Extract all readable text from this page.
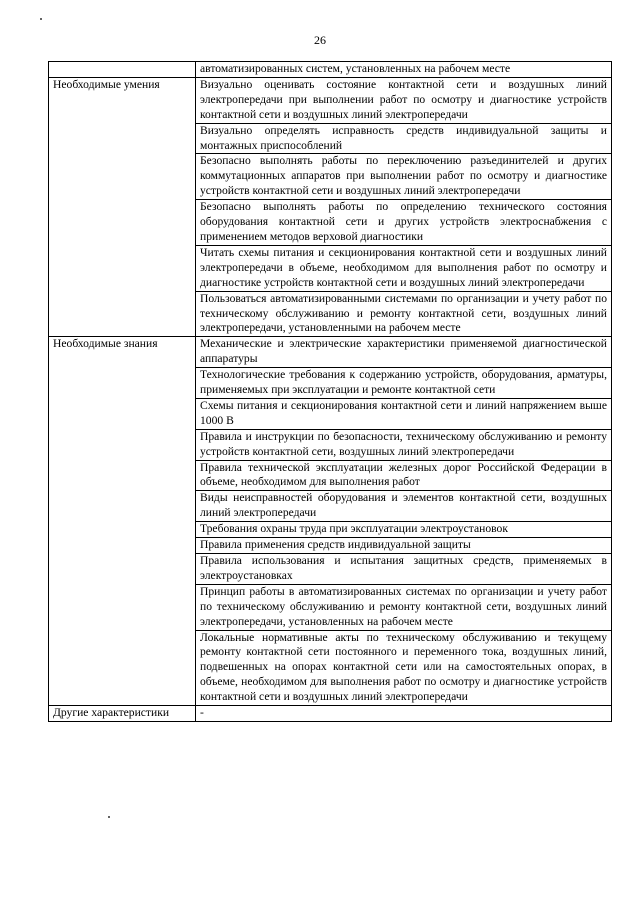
26
	автоматизированных систем, установленных на рабочем месте
Необходимые умения	Визуально оценивать состояние контактной сети и воздушных линий электропередачи при выполнении работ по осмотру и диагностике устройств контактной сети и воздушных линий электропередачи
	Визуально определять исправность средств индивидуальной защиты и монтажных приспособлений
	Безопасно выполнять работы по переключению разъединителей и других коммутационных аппаратов при выполнении работ по осмотру и диагностике устройств контактной сети и воздушных линий электропередачи
	Безопасно выполнять работы по определению технического состояния оборудования контактной сети и других устройств электроснабжения с применением методов верховой диагностики
	Читать схемы питания и секционирования контактной сети и воздушных линий электропередачи в объеме, необходимом для выполнения работ по осмотру и диагностике устройств контактной сети и воздушных линий электропередачи
	Пользоваться автоматизированными системами по организации и учету работ по техническому обслуживанию и ремонту контактной сети, воздушных линий электропередачи, установленными на рабочем месте
Необходимые знания	Механические и электрические характеристики применяемой диагностической аппаратуры
	Технологические требования к содержанию устройств, оборудования, арматуры, применяемых при эксплуатации и ремонте контактной сети
	Схемы питания и секционирования контактной сети и линий напряжением выше 1000 В
	Правила и инструкции по безопасности, техническому обслуживанию и ремонту устройств контактной сети, воздушных линий электропередачи
	Правила технической эксплуатации железных дорог Российской Федерации в объеме, необходимом для выполнения работ
	Виды неисправностей оборудования и элементов контактной сети, воздушных линий электропередачи
	Требования охраны труда при эксплуатации электроустановок
	Правила применения средств индивидуальной защиты
	Правила использования и испытания защитных средств, применяемых в электроустановках
	Принцип работы в автоматизированных системах по организации и учету работ по техническому обслуживанию и ремонту контактной сети, воздушных линий электропередачи, установленных на рабочем месте
	Локальные нормативные акты по техническому обслуживанию и текущему ремонту контактной сети постоянного и переменного тока, воздушных линий, подвешенных на опорах контактной сети или на самостоятельных опорах, в объеме, необходимом для выполнения работ по осмотру и диагностике устройств контактной сети и воздушных линий электропередачи
Другие характеристики	-
